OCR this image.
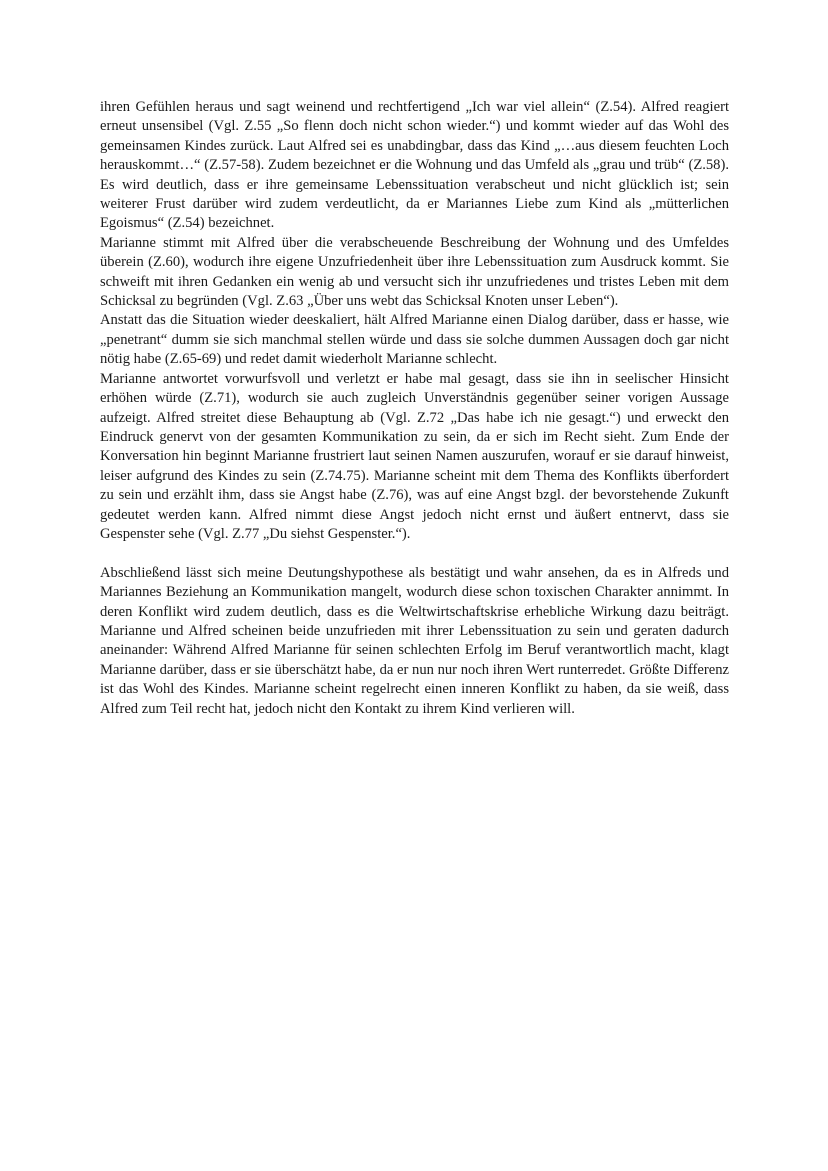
ihren Gefühlen heraus und sagt weinend und rechtfertigend „Ich war viel allein“ (Z.54). Alfred reagiert erneut unsensibel (Vgl. Z.55 „So flenn doch nicht schon wieder.“) und kommt wieder auf das Wohl des gemeinsamen Kindes zurück. Laut Alfred sei es unabdingbar, dass das Kind „…aus diesem feuchten Loch herauskommt…“ (Z.57-58). Zudem bezeichnet er die Wohnung und das Umfeld als „grau und trüb“ (Z.58). Es wird deutlich, dass er ihre gemeinsame Lebenssituation verabscheut und nicht glücklich ist; sein weiterer Frust darüber wird zudem verdeutlicht, da er Mariannes Liebe zum Kind als „mütterlichen Egoismus“ (Z.54) bezeichnet.

Marianne stimmt mit Alfred über die verabscheuende Beschreibung der Wohnung und des Umfeldes überein (Z.60), wodurch ihre eigene Unzufriedenheit über ihre Lebenssituation zum Ausdruck kommt. Sie schweift mit ihren Gedanken ein wenig ab und versucht sich ihr unzufriedenes und tristes Leben mit dem Schicksal zu begründen (Vgl. Z.63 „Über uns webt das Schicksal Knoten unser Leben“).

Anstatt das die Situation wieder deeskaliert, hält Alfred Marianne einen Dialog darüber, dass er hasse, wie „penetrant“ dumm sie sich manchmal stellen würde und dass sie solche dummen Aussagen doch gar nicht nötig habe (Z.65-69) und redet damit wiederholt Marianne schlecht.

Marianne antwortet vorwurfsvoll und verletzt er habe mal gesagt, dass sie ihn in seelischer Hinsicht erhöhen würde (Z.71), wodurch sie auch zugleich Unverständnis gegenüber seiner vorigen Aussage aufzeigt. Alfred streitet diese Behauptung ab (Vgl. Z.72 „Das habe ich nie gesagt.“) und erweckt den Eindruck genervt von der gesamten Kommunikation zu sein, da er sich im Recht sieht. Zum Ende der Konversation hin beginnt Marianne frustriert laut seinen Namen auszurufen, worauf er sie darauf hinweist, leiser aufgrund des Kindes zu sein (Z.74.75). Marianne scheint mit dem Thema des Konflikts überfordert zu sein und erzählt ihm, dass sie Angst habe (Z.76), was auf eine Angst bzgl. der bevorstehende Zukunft gedeutet werden kann. Alfred nimmt diese Angst jedoch nicht ernst und äußert entnervt, dass sie Gespenster sehe (Vgl. Z.77 „Du siehst Gespenster.“).

Abschließend lässt sich meine Deutungshypothese als bestätigt und wahr ansehen, da es in Alfreds und Mariannes Beziehung an Kommunikation mangelt, wodurch diese schon toxischen Charakter annimmt. In deren Konflikt wird zudem deutlich, dass es die Weltwirtschaftskrise erhebliche Wirkung dazu beiträgt. Marianne und Alfred scheinen beide unzufrieden mit ihrer Lebenssituation zu sein und geraten dadurch aneinander: Während Alfred Marianne für seinen schlechten Erfolg im Beruf verantwortlich macht, klagt Marianne darüber, dass er sie überschätzt habe, da er nun nur noch ihren Wert runterredet. Größte Differenz ist das Wohl des Kindes. Marianne scheint regelrecht einen inneren Konflikt zu haben, da sie weiß, dass Alfred zum Teil recht hat, jedoch nicht den Kontakt zu ihrem Kind verlieren will.
